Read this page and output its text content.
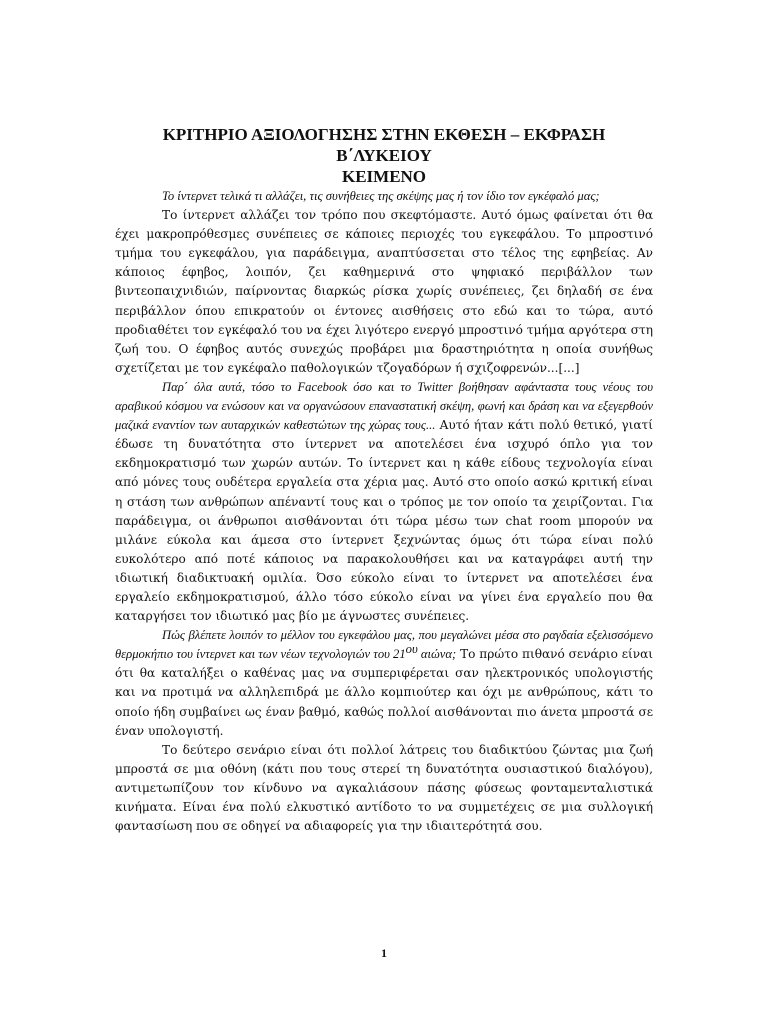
ΚΡΙΤΗΡΙΟ ΑΞΙΟΛΟΓΗΣΗΣ ΣΤΗΝ ΕΚΘΕΣΗ – ΕΚΦΡΑΣΗ
Β΄ΛΥΚΕΙΟΥ
ΚΕΙΜΕΝΟ

Το ίντερνετ τελικά τι αλλάζει, τις συνήθειες της σκέψης μας ή τον ίδιο τον εγκέφαλό μας;

Το ίντερνετ αλλάζει τον τρόπο που σκεφτόμαστε. Αυτό όμως φαίνεται ότι θα έχει μακροπρόθεσμες συνέπειες σε κάποιες περιοχές του εγκεφάλου. Το μπροστινό τμήμα του εγκεφάλου, για παράδειγμα, αναπτύσσεται στο τέλος της εφηβείας. Αν κάποιος έφηβος, λοιπόν, ζει καθημερινά στο ψηφιακό περιβάλλον των βιντεοπαιχνιδιών, παίρνοντας διαρκώς ρίσκα χωρίς συνέπειες, ζει δηλαδή σε ένα περιβάλλον όπου επικρατούν οι έντονες αισθήσεις στο εδώ και το τώρα, αυτό προδιαθέτει τον εγκέφαλό του να έχει λιγότερο ενεργό μπροστινό τμήμα αργότερα στη ζωή του. Ο έφηβος αυτός συνεχώς προβάρει μια δραστηριότητα η οποία συνήθως σχετίζεται με τον εγκέφαλο παθολογικών τζογαδόρων ή σχιζοφρενών...[...]

Παρ΄ όλα αυτά, τόσο το Facebook όσο και το Twitter βοήθησαν αφάνταστα τους νέους του αραβικού κόσμου να ενώσουν και να οργανώσουν επαναστατική σκέψη, φωνή και δράση και να εξεγερθούν μαζικά εναντίον των αυταρχικών καθεστώτων της χώρας τους... Αυτό ήταν κάτι πολύ θετικό, γιατί έδωσε τη δυνατότητα στο ίντερνετ να αποτελέσει ένα ισχυρό όπλο για τον εκδημοκρατισμό των χωρών αυτών. Το ίντερνετ και η κάθε είδους τεχνολογία είναι από μόνες τους ουδέτερα εργαλεία στα χέρια μας. Αυτό στο οποίο ασκώ κριτική είναι η στάση των ανθρώπων απέναντί τους και ο τρόπος με τον οποίο τα χειρίζονται. Για παράδειγμα, οι άνθρωποι αισθάνονται ότι τώρα μέσω των chat room μπορούν να μιλάνε εύκολα και άμεσα στο ίντερνετ ξεχνώντας όμως ότι τώρα είναι πολύ ευκολότερο από ποτέ κάποιος να παρακολουθήσει και να καταγράφει αυτή την ιδιωτική διαδικτυακή ομιλία. Όσο εύκολο είναι το ίντερνετ να αποτελέσει ένα εργαλείο εκδημοκρατισμού, άλλο τόσο εύκολο είναι να γίνει ένα εργαλείο που θα καταργήσει τον ιδιωτικό μας βίο με άγνωστες συνέπειες.

Πώς βλέπετε λοιπόν το μέλλον του εγκεφάλου μας, που μεγαλώνει μέσα στο ραγδαία εξελισσόμενο θερμοκήπιο του ίντερνετ και των νέων τεχνολογιών του $21^{o\upsilon}$ αιώνα; Το πρώτο πιθανό σενάριο είναι ότι θα καταλήξει ο καθένας μας να συμπεριφέρεται σαν ηλεκτρονικός υπολογιστής και να προτιμά να αλληλεπιδρά με άλλο κομπιούτερ και όχι με ανθρώπους, κάτι το οποίο ήδη συμβαίνει ως έναν βαθμό, καθώς πολλοί αισθάνονται πιο άνετα μπροστά σε έναν υπολογιστή.

Το δεύτερο σενάριο είναι ότι πολλοί λάτρεις του διαδικτύου ζώντας μια ζωή μπροστά σε μια οθόνη (κάτι που τους στερεί τη δυνατότητα ουσιαστικού διαλόγου), αντιμετωπίζουν τον κίνδυνο να αγκαλιάσουν πάσης φύσεως φονταμενταλιστικά κινήματα. Είναι ένα πολύ ελκυστικό αντίδοτο το να συμμετέχεις σε μια συλλογική φαντασίωση που σε οδηγεί να αδιαφορείς για την ιδιαιτερότητά σου.

1
